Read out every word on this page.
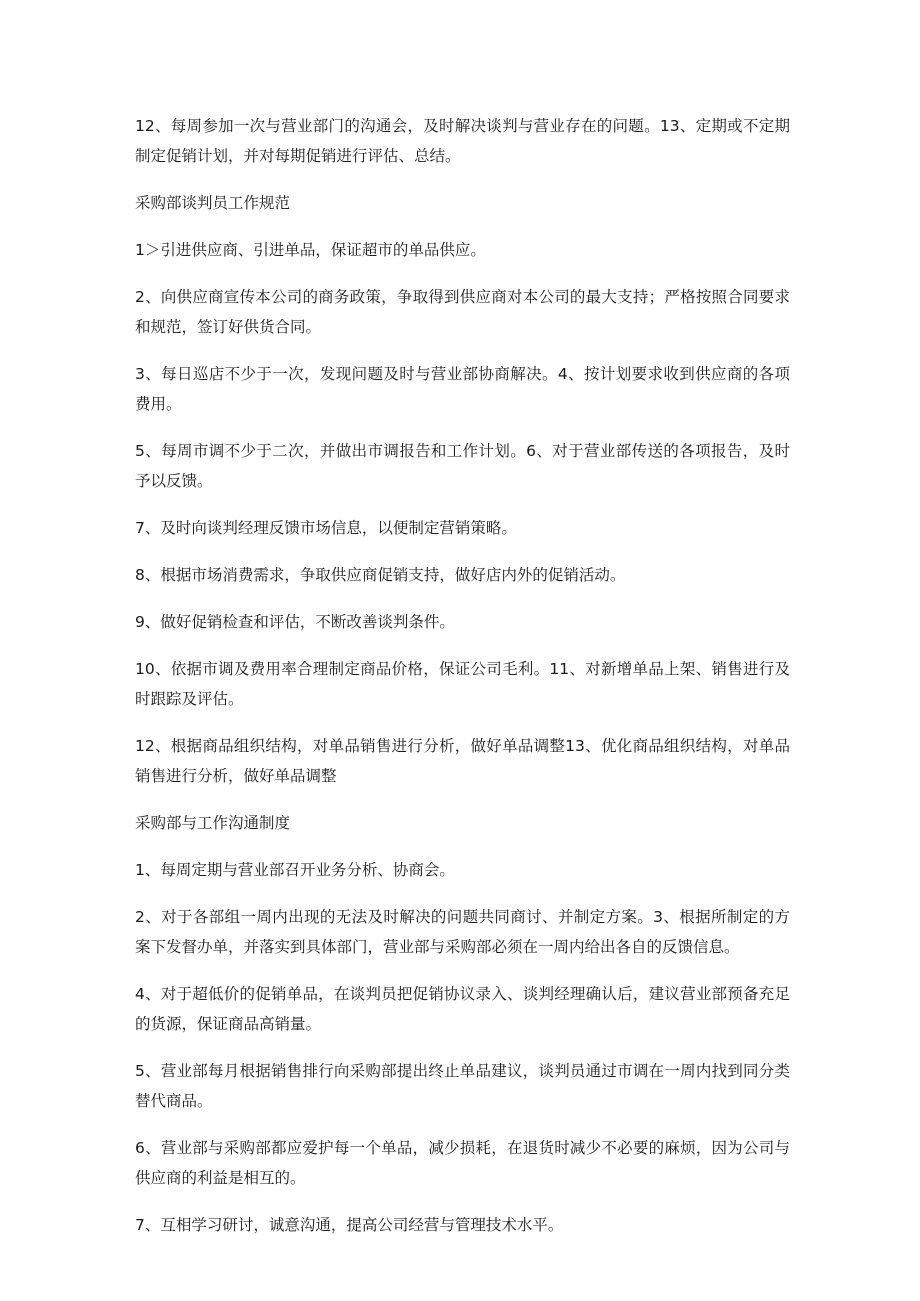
12、每周参加一次与营业部门的沟通会，及时解决谈判与营业存在的问题。13、定期或不定期制定促销计划，并对每期促销进行评估、总结。

采购部谈判员工作规范

1＞引进供应商、引进单品，保证超市的单品供应。

2、向供应商宣传本公司的商务政策，争取得到供应商对本公司的最大支持；严格按照合同要求和规范，签订好供货合同。

3、每日巡店不少于一次，发现问题及时与营业部协商解决。4、按计划要求收到供应商的各项费用。

5、每周市调不少于二次，并做出市调报告和工作计划。6、对于营业部传送的各项报告，及时予以反馈。

7、及时向谈判经理反馈市场信息，以便制定营销策略。

8、根据市场消费需求，争取供应商促销支持，做好店内外的促销活动。

9、做好促销检查和评估，不断改善谈判条件。

10、依据市调及费用率合理制定商品价格，保证公司毛利。11、对新增单品上架、销售进行及时跟踪及评估。

12、根据商品组织结构，对单品销售进行分析，做好单品调整13、优化商品组织结构，对单品销售进行分析，做好单品调整

采购部与工作沟通制度

1、每周定期与营业部召开业务分析、协商会。

2、对于各部组一周内出现的无法及时解决的问题共同商讨、并制定方案。3、根据所制定的方案下发督办单，并落实到具体部门，营业部与采购部必须在一周内给出各自的反馈信息。

4、对于超低价的促销单品，在谈判员把促销协议录入、谈判经理确认后，建议营业部预备充足的货源，保证商品高销量。

5、营业部每月根据销售排行向采购部提出终止单品建议，谈判员通过市调在一周内找到同分类替代商品。

6、营业部与采购部都应爱护每一个单品，减少损耗，在退货时减少不必要的麻烦，因为公司与供应商的利益是相互的。

7、互相学习研讨，诚意沟通，提高公司经营与管理技术水平。
